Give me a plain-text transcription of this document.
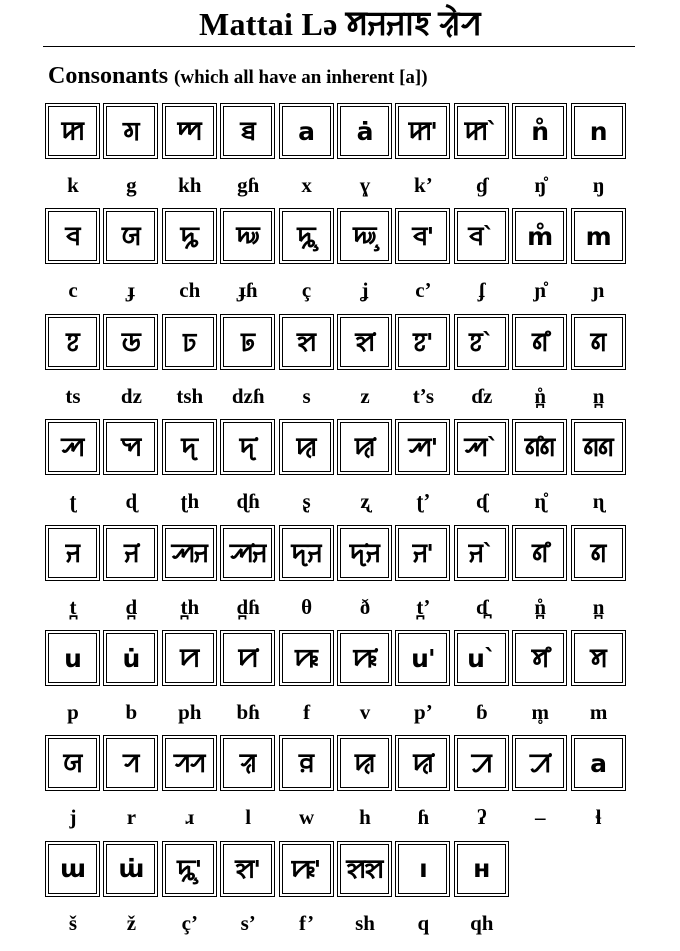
Mattai Lə ꠝꠔꠔꠣꠁ ꠟꠦꠞ
Consonants (which all have an inherent [a])
ꠇ
k
ꠉ
g
ꠈ
kh
ꠊ
gɦ
a
x
ȧ
ɣ
ꠇ'
k’
ꠇ`
ɠ
n̊
ŋ̊
n
ŋ
ꠌ
c
ꠎ
ɟ
ꠍ
ch
ꠏ
ɟɦ
ꠍ̧
ç
ꠏ̧
ʝ
ꠌ'
c’
ꠌ`
ʄ
m̊
ɲ̊
m
ɲ
ꠐ
ts
ꠒ
dz
ꠑ
tsh
ꠓ
dzɦ
ꠡ
s
ꠡ̇
z
ꠐ'
t’s
ꠐ`
ɗz
ꠘ̊
n̪̊
ꠘ
n̪
ꠕ
ʈ
ꠗ
ɖ
ꠖ
ʈh
ꠖ̇
ɖɦ
ꠢ
ʂ
ꠢ̇
ʐ
ꠕ'
ʈ’
ꠕ`
ᶑ
ꠘ̊ꠘ
ɳ̊
ꠘꠘ
ɳ
ꠔ
t̪
ꠔ̇
d̪
ꠕꠔ
t̪h
ꠕ̇ꠔ
d̪ɦ
ꠖꠔ
θ
ꠖ̇ꠔ
ð
ꠔ'
t̪’
ꠔ`
ɗ̪
ꠘ̊
n̪̊
ꠘ
n̪
u
p
u̇
b
ꠙ
ph
ꠙ̇
bɦ
ꠚ
f
ꠚ̇
v
u'
p’
u`
ɓ
ꠝ̊
m̥
ꠝ
m
ꠎ
j
ꠞ
r
ꠞꠞ
ɹ
ꠟ
l
ꠅ
w
ꠢ
h
ꠢ̇
ɦ
ꠀ
ʔ
ꠀ̇
–
a
ɬ
ɯ
š
ɯ̇
ž
ꠍ̧'
ç’
ꠡ'
s’
ꠚ'
f’
ꠡꠡ
sh
ı
q
ʜ
qh
